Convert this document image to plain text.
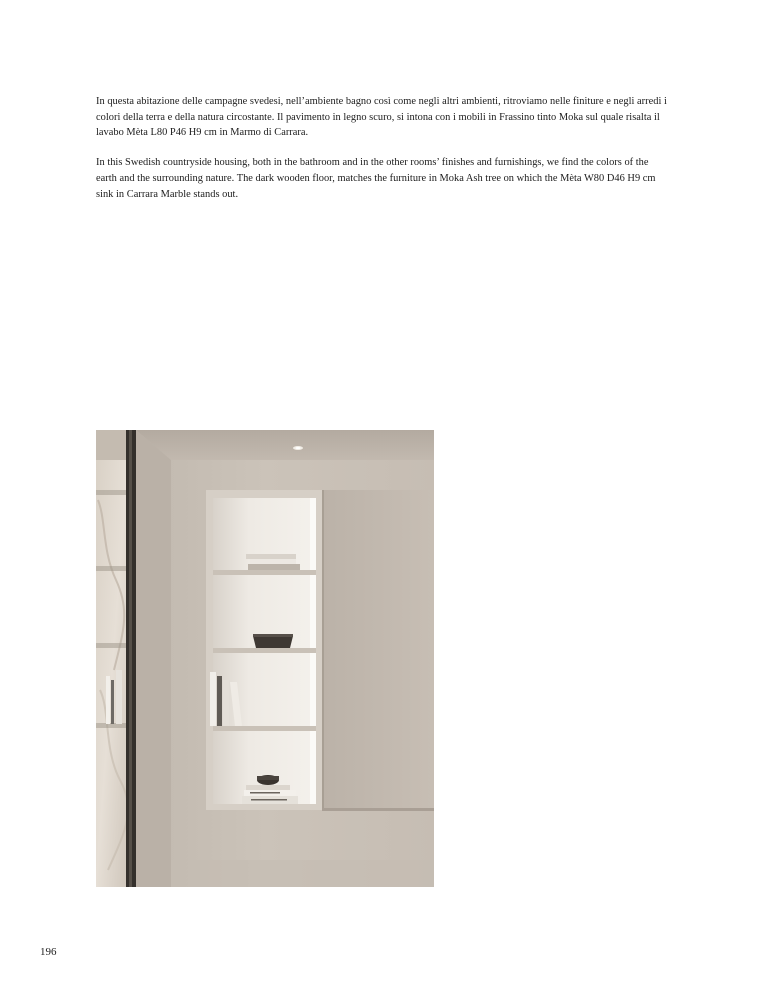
In questa abitazione delle campagne svedesi, nell’ambiente bagno così come negli altri ambienti, ritroviamo nelle finiture e negli arredi i colori della terra e della natura circostante. Il pavimento in legno scuro, si intona con i mobili in Frassino tinto Moka sul quale risalta il lavabo Mèta L80 P46 H9 cm in Marmo di Carrara.

In this Swedish countryside housing, both in the bathroom and in the other rooms’ finishes and furnishings, we find the colors of the earth and the surrounding nature. The dark wooden floor, matches the furniture in Moka Ash tree on which the Mèta W80 D46 H9 cm sink in Carrara Marble stands out.

196
